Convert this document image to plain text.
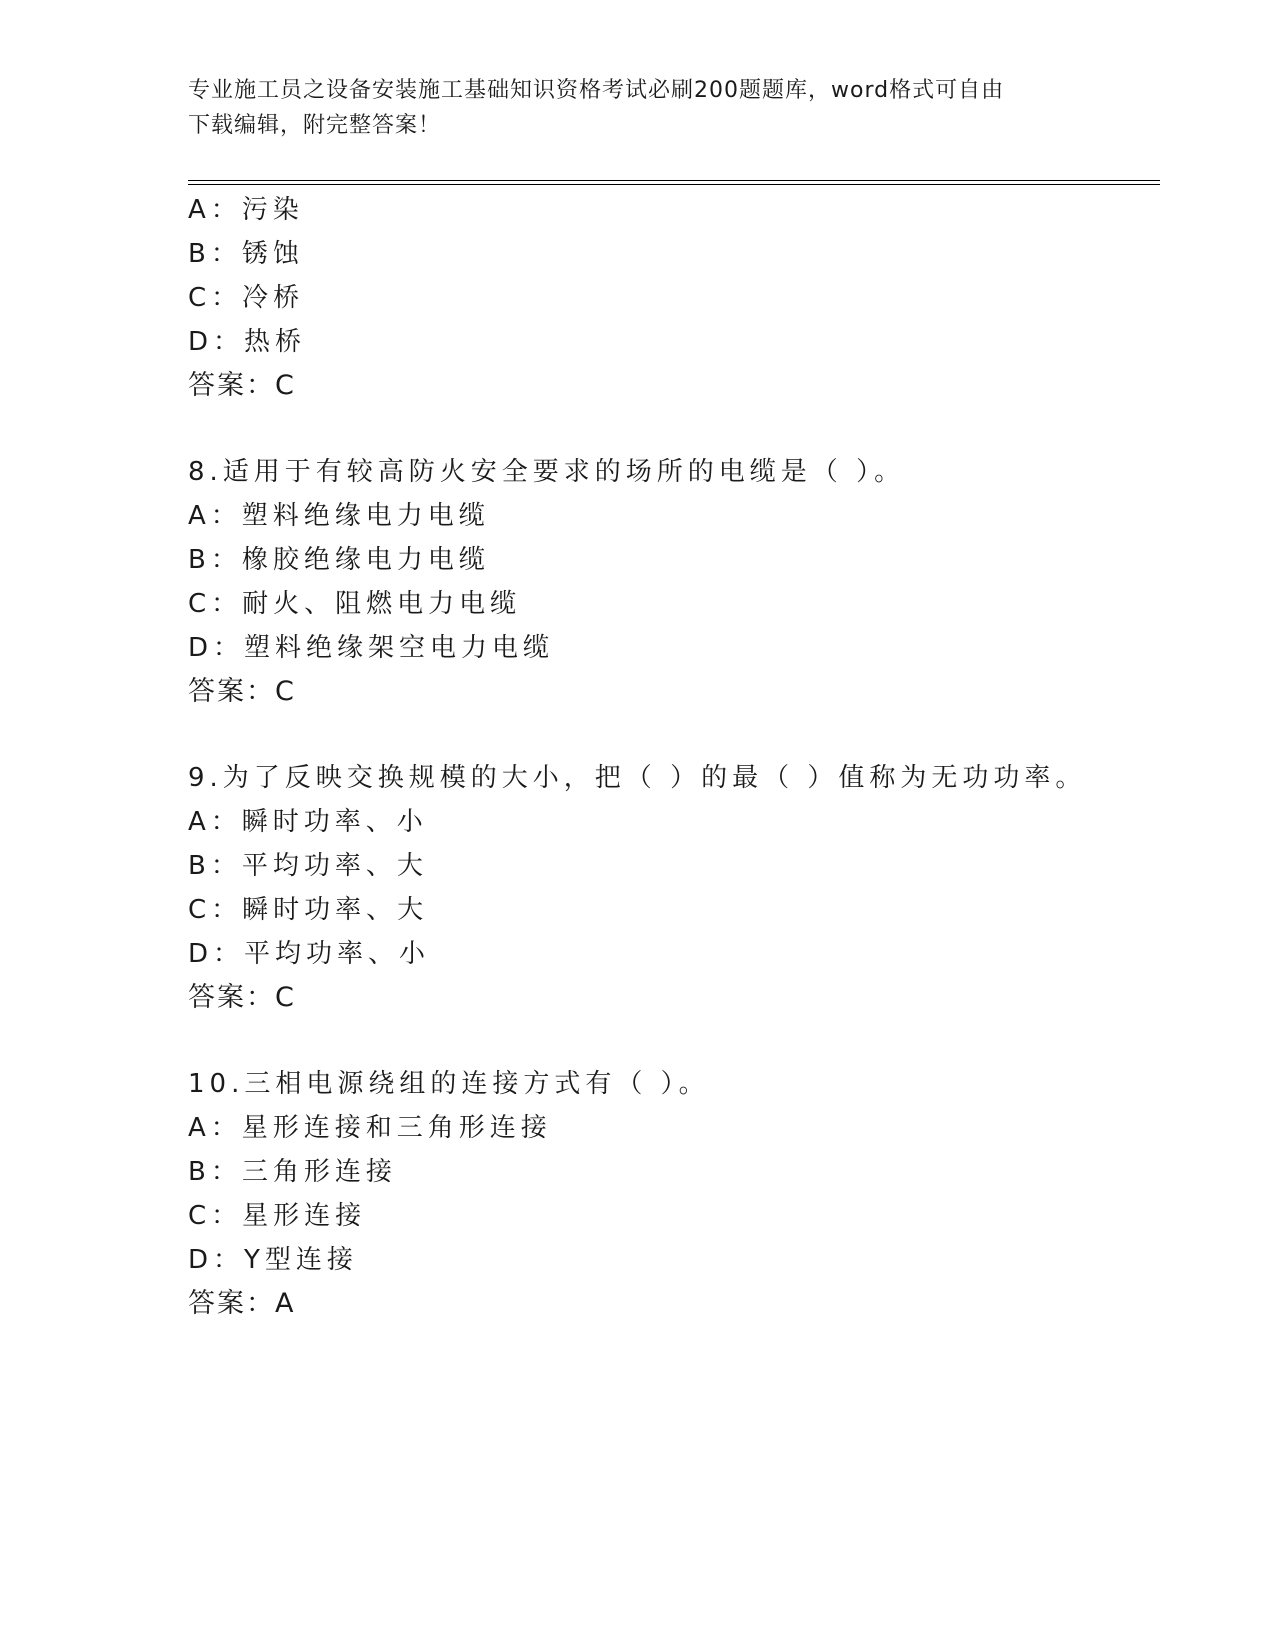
专业施工员之设备安装施工基础知识资格考试必刷200题题库，word格式可自由
下载编辑，附完整答案！
A：污染
B：锈蚀
C：冷桥
D：热桥
答案：C
8.适用于有较高防火安全要求的场所的电缆是（ ）。
A：塑料绝缘电力电缆
B：橡胶绝缘电力电缆
C：耐火、阻燃电力电缆
D：塑料绝缘架空电力电缆
答案：C
9.为了反映交换规模的大小，把（ ）的最（ ）值称为无功功率。
A：瞬时功率、小
B：平均功率、大
C：瞬时功率、大
D：平均功率、小
答案：C
10.三相电源绕组的连接方式有（ ）。
A：星形连接和三角形连接
B：三角形连接
C：星形连接
D：Y型连接
答案：A
